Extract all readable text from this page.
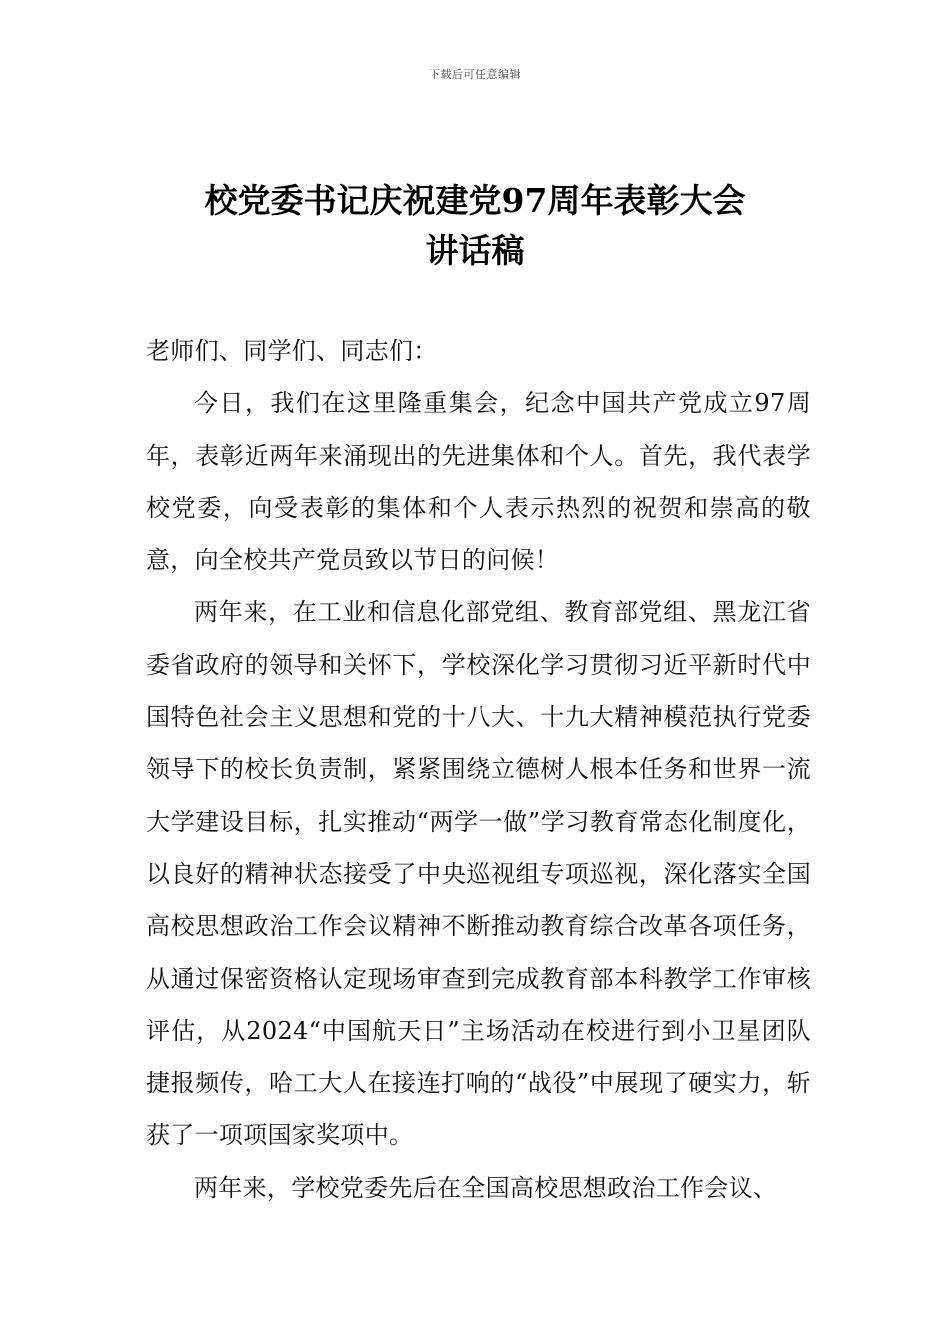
下载后可任意编辑
校党委书记庆祝建党97周年表彰大会
讲话稿

老师们、同学们、同志们：

今日，我们在这里隆重集会，纪念中国共产党成立97周年，表彰近两年来涌现出的先进集体和个人。首先，我代表学校党委，向受表彰的集体和个人表示热烈的祝贺和崇高的敬意，向全校共产党员致以节日的问候！

两年来，在工业和信息化部党组、教育部党组、黑龙江省委省政府的领导和关怀下，学校深化学习贯彻习近平新时代中国特色社会主义思想和党的十八大、十九大精神模范执行党委领导下的校长负责制，紧紧围绕立德树人根本任务和世界一流大学建设目标，扎实推动“两学一做”学习教育常态化制度化，以良好的精神状态接受了中央巡视组专项巡视，深化落实全国高校思想政治工作会议精神不断推动教育综合改革各项任务，从通过保密资格认定现场审查到完成教育部本科教学工作审核评估，从2024“中国航天日”主场活动在校进行到小卫星团队捷报频传，哈工大人在接连打响的“战役”中展现了硬实力，斩获了一项项国家奖项中。

两年来，学校党委先后在全国高校思想政治工作会议、
